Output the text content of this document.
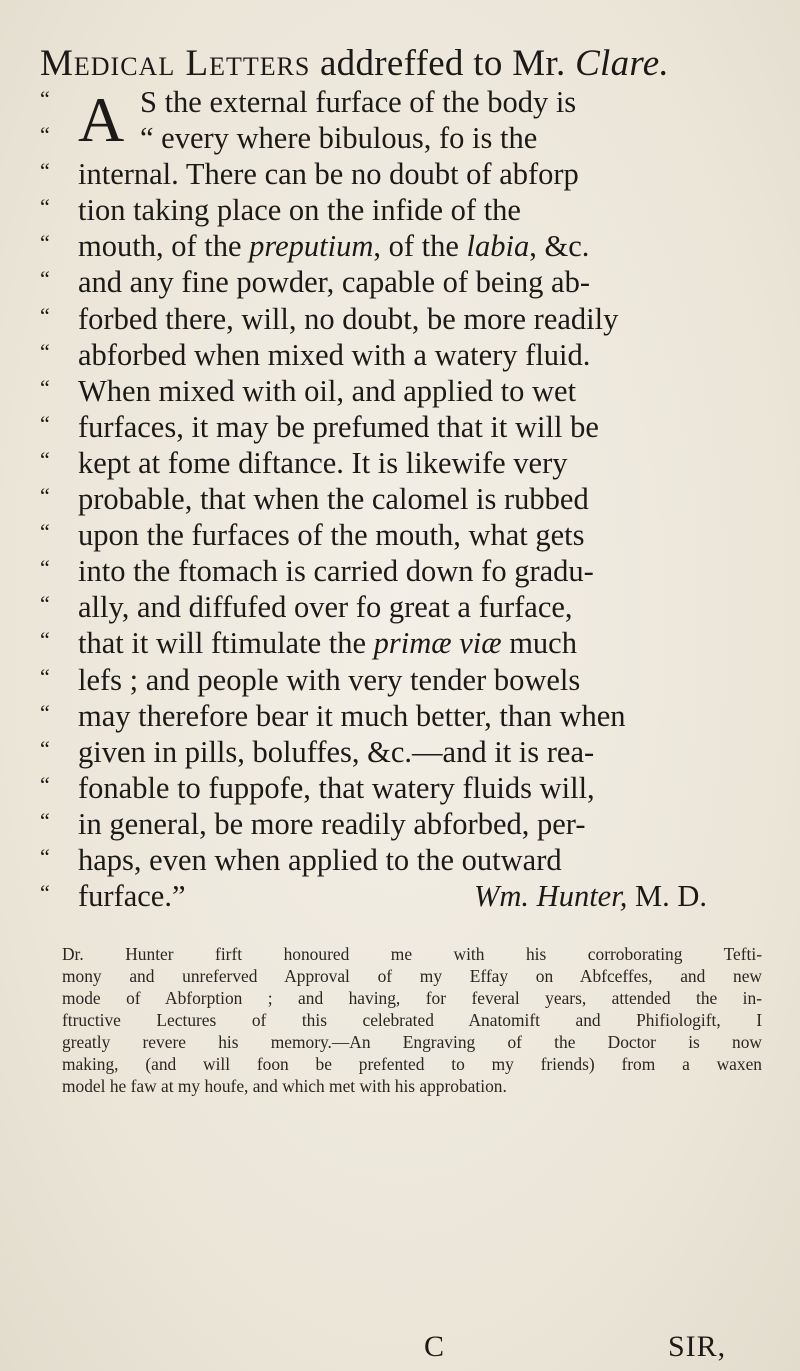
Medical Letters addreffed to Mr. Clare.
“ A S the external furface of the body is
“	“ every where bibulous, fo is the
“ internal. There can be no doubt of abforp
“ tion taking place on the infide of the
“ mouth, of the preputium, of the labia, &c.
“ and any fine powder, capable of being ab-
“ forbed there, will, no doubt, be more readily
“ abforbed when mixed with a watery fluid.
“ When mixed with oil, and applied to wet
“ furfaces, it may be prefumed that it will be
“ kept at fome diftance. It is likewife very
“ probable, that when the calomel is rubbed
“ upon the furfaces of the mouth, what gets
“ into the ftomach is carried down fo gradu-
“ ally, and diffufed over fo great a furface,
“ that it will ftimulate the primæ viæ much
“ lefs ; and people with very tender bowels
“ may therefore bear it much better, than when
“ given in pills, boluffes, &c.—and it is rea-
“ fonable to fuppofe, that watery fluids will,
“ in general, be more readily abforbed, per-
“ haps, even when applied to the outward
“ furface.”	Wm. Hunter, M. D.
Dr. Hunter firft honoured me with his corroborating Tefti-
mony and unreferved Approval of my Effay on Abfceffes, and new
mode of Abforption ; and having, for feveral years, attended the in-
ftructive Lectures of this celebrated Anatomift and Phifiologift, I
greatly revere his memory.—An Engraving of the Doctor is now
making, (and will foon be prefented to my friends) from a waxen
model he faw at my houfe, and which met with his approbation.
C	SIR,
